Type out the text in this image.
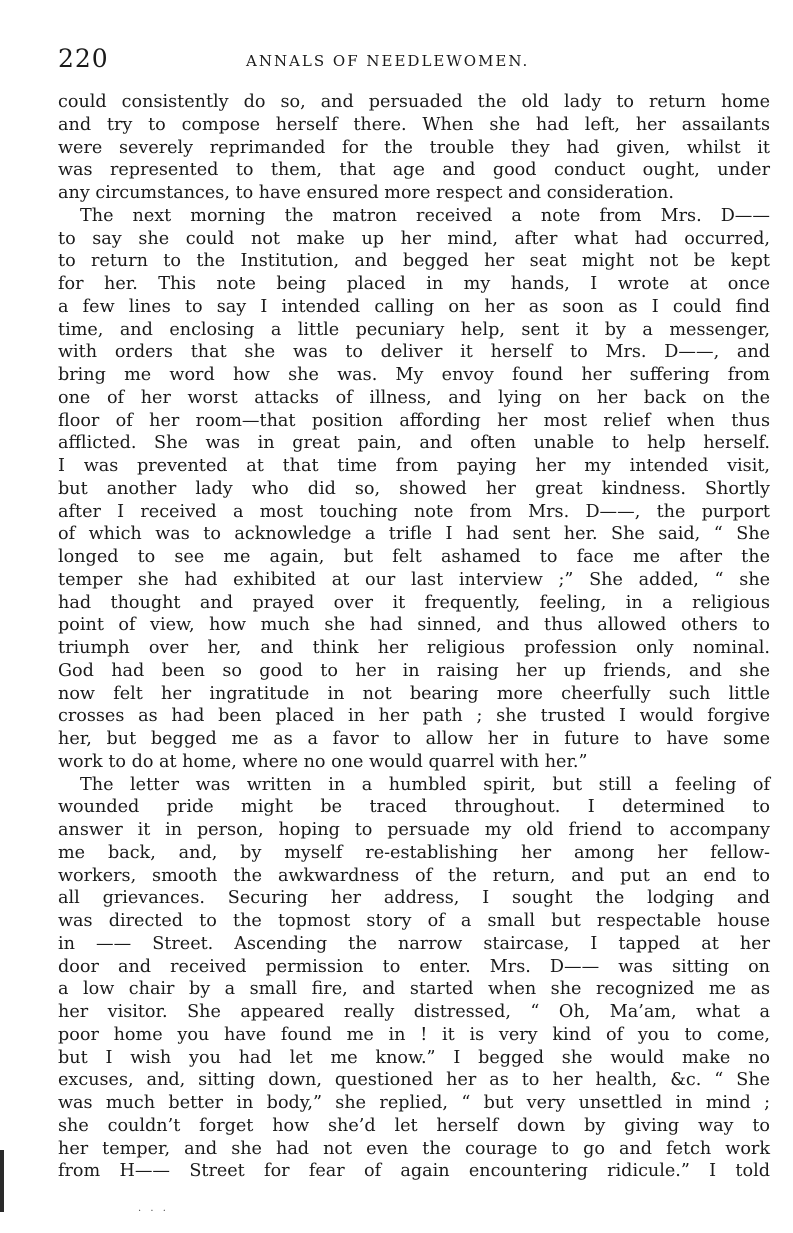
220	ANNALS OF NEEDLEWOMEN.
could consistently do so, and persuaded the old lady to return home
and try to compose herself there. When she had left, her assailants
were severely reprimanded for the trouble they had given, whilst it
was represented to them, that age and good conduct ought, under
any circumstances, to have ensured more respect and consideration.
The next morning the matron received a note from Mrs. D——
to say she could not make up her mind, after what had occurred,
to return to the Institution, and begged her seat might not be kept
for her. This note being placed in my hands, I wrote at once
a few lines to say I intended calling on her as soon as I could find
time, and enclosing a little pecuniary help, sent it by a messenger,
with orders that she was to deliver it herself to Mrs. D——, and
bring me word how she was. My envoy found her suffering from
one of her worst attacks of illness, and lying on her back on the
floor of her room—that position affording her most relief when thus
afflicted. She was in great pain, and often unable to help herself.
I was prevented at that time from paying her my intended visit,
but another lady who did so, showed her great kindness. Shortly
after I received a most touching note from Mrs. D——, the purport
of which was to acknowledge a trifle I had sent her. She said, “ She
longed to see me again, but felt ashamed to face me after the
temper she had exhibited at our last interview ;” She added, “ she
had thought and prayed over it frequently, feeling, in a religious
point of view, how much she had sinned, and thus allowed others to
triumph over her, and think her religious profession only nominal.
God had been so good to her in raising her up friends, and she
now felt her ingratitude in not bearing more cheerfully such little
crosses as had been placed in her path ; she trusted I would forgive
her, but begged me as a favor to allow her in future to have some
work to do at home, where no one would quarrel with her.”
The letter was written in a humbled spirit, but still a feeling of
wounded pride might be traced throughout. I determined to
answer it in person, hoping to persuade my old friend to accompany
me back, and, by myself re-establishing her among her fellow-
workers, smooth the awkwardness of the return, and put an end to
all grievances. Securing her address, I sought the lodging and
was directed to the topmost story of a small but respectable house
in —— Street. Ascending the narrow staircase, I tapped at her
door and received permission to enter. Mrs. D—— was sitting on
a low chair by a small fire, and started when she recognized me as
her visitor. She appeared really distressed, “ Oh, Ma’am, what a
poor home you have found me in ! it is very kind of you to come,
but I wish you had let me know.” I begged she would make no
excuses, and, sitting down, questioned her as to her health, &c. “ She
was much better in body,” she replied, “ but very unsettled in mind ;
she couldn’t forget how she’d let herself down by giving way to
her temper, and she had not even the courage to go and fetch work
from H—— Street for fear of again encountering ridicule.” I told
· · ·
